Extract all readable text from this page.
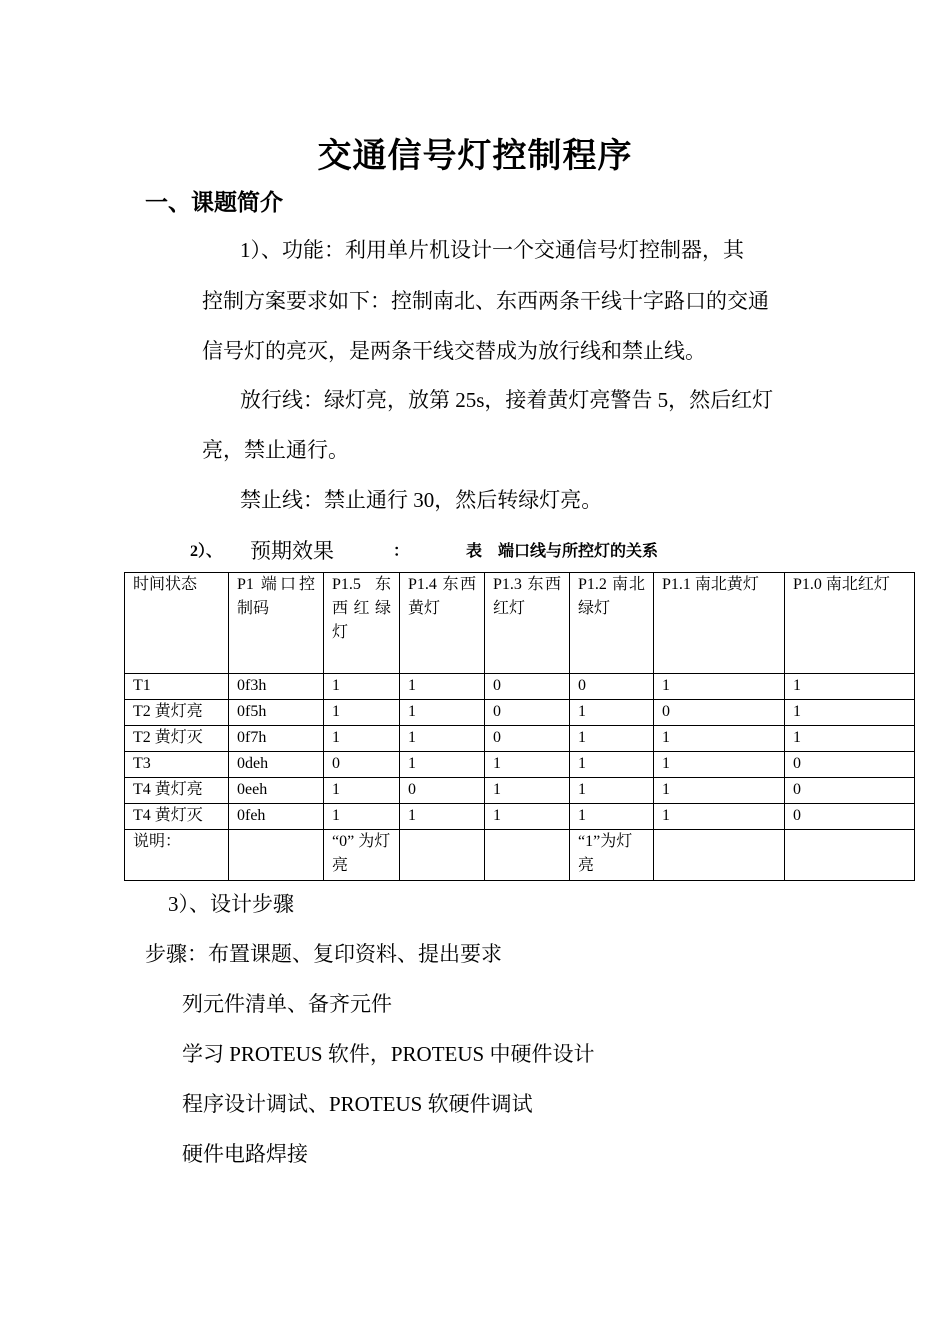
交通信号灯控制程序
一、课题简介
1）、功能：利用单片机设计一个交通信号灯控制器，其
控制方案要求如下：控制南北、东西两条干线十字路口的交通
信号灯的亮灭，是两条干线交替成为放行线和禁止线。
放行线：绿灯亮，放第 25s，接着黄灯亮警告 5，然后红灯
亮，禁止通行。
禁止线：禁止通行 30，然后转绿灯亮。
2）、 预期效果	：	表　端口线与所控灯的关系
时间状态	P1 端口控制码	P1.5 东西红绿灯	P1.4 东西黄灯	P1.3 东西红灯	P1.2 南北绿灯	P1.1 南北黄灯	P1.0 南北红灯
T1	0f3h	1	1	0	0	1	1
T2 黄灯亮	0f5h	1	1	0	1	0	1
T2 黄灯灭	0f7h	1	1	0	1	1	1
T3	0deh	0	1	1	1	1	0
T4 黄灯亮	0eeh	1	0	1	1	1	0
T4 黄灯灭	0feh	1	1	1	1	1	0
说明：		“0” 为灯亮			“1”为灯亮		
3）、设计步骤
步骤：布置课题、复印资料、提出要求
列元件清单、备齐元件
学习 PROTEUS 软件，PROTEUS 中硬件设计
程序设计调试、PROTEUS 软硬件调试
硬件电路焊接
